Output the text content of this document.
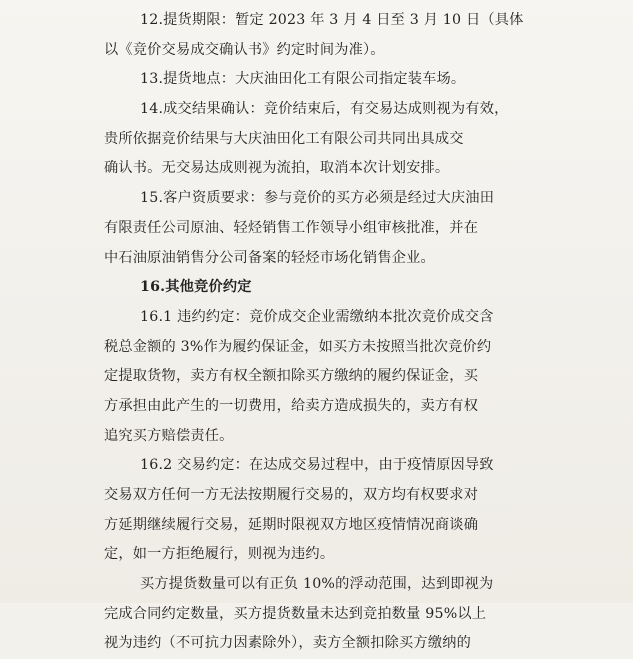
12.提货期限：暂定 2023 年 3 月 4 日至 3 月 10 日（具体
以《竞价交易成交确认书》约定时间为准）。
13.提货地点：大庆油田化工有限公司指定装车场。
14.成交结果确认：竞价结束后，有交易达成则视为有效，
贵所依据竞价结果与大庆油田化工有限公司共同出具成交
确认书。无交易达成则视为流拍，取消本次计划安排。
15.客户资质要求：参与竞价的买方必须是经过大庆油田
有限责任公司原油、轻烃销售工作领导小组审核批准，并在
中石油原油销售分公司备案的轻烃市场化销售企业。
16.其他竞价约定
16.1 违约约定：竞价成交企业需缴纳本批次竞价成交含
税总金额的 3%作为履约保证金，如买方未按照当批次竞价约
定提取货物，卖方有权全额扣除买方缴纳的履约保证金，买
方承担由此产生的一切费用，给卖方造成损失的，卖方有权
追究买方赔偿责任。
16.2 交易约定：在达成交易过程中，由于疫情原因导致
交易双方任何一方无法按期履行交易的，双方均有权要求对
方延期继续履行交易，延期时限视双方地区疫情情况商谈确
定，如一方拒绝履行，则视为违约。
买方提货数量可以有正负 10%的浮动范围，达到即视为
完成合同约定数量，买方提货数量未达到竞拍数量 95%以上
视为违约（不可抗力因素除外），卖方全额扣除买方缴纳的
